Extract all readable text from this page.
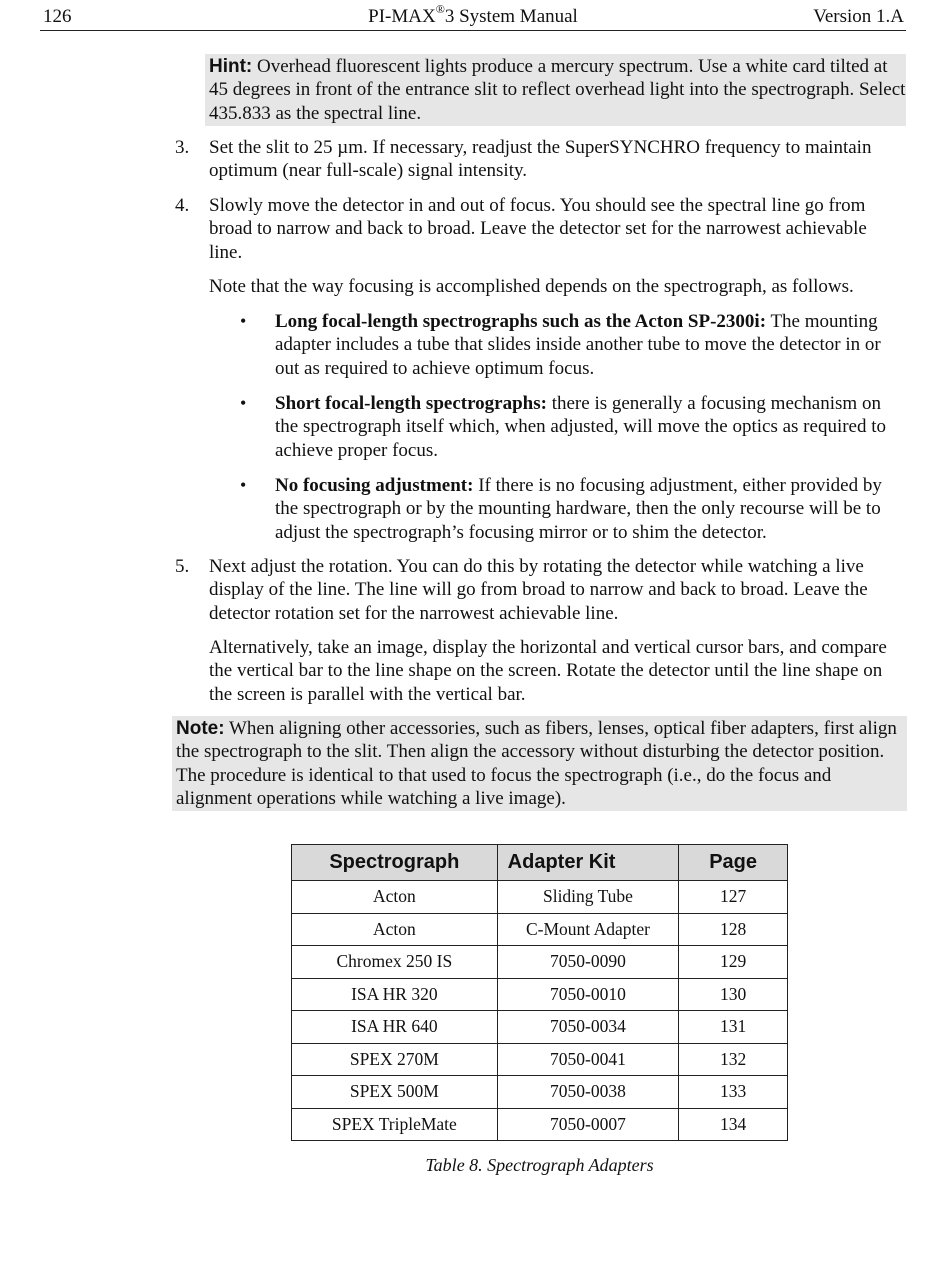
126	PI-MAX®3 System Manual	Version 1.A
Hint: Overhead fluorescent lights produce a mercury spectrum. Use a white card tilted at 45 degrees in front of the entrance slit to reflect overhead light into the spectrograph. Select 435.833 as the spectral line.
3. Set the slit to 25 µm. If necessary, readjust the SuperSYNCHRO frequency to maintain optimum (near full-scale) signal intensity.
4. Slowly move the detector in and out of focus. You should see the spectral line go from broad to narrow and back to broad. Leave the detector set for the narrowest achievable line.
Note that the way focusing is accomplished depends on the spectrograph, as follows.
• Long focal-length spectrographs such as the Acton SP-2300i: The mounting adapter includes a tube that slides inside another tube to move the detector in or out as required to achieve optimum focus.
• Short focal-length spectrographs: there is generally a focusing mechanism on the spectrograph itself which, when adjusted, will move the optics as required to achieve proper focus.
• No focusing adjustment: If there is no focusing adjustment, either provided by the spectrograph or by the mounting hardware, then the only recourse will be to adjust the spectrograph’s focusing mirror or to shim the detector.
5. Next adjust the rotation. You can do this by rotating the detector while watching a live display of the line. The line will go from broad to narrow and back to broad. Leave the detector rotation set for the narrowest achievable line.
Alternatively, take an image, display the horizontal and vertical cursor bars, and compare the vertical bar to the line shape on the screen. Rotate the detector until the line shape on the screen is parallel with the vertical bar.
Note: When aligning other accessories, such as fibers, lenses, optical fiber adapters, first align the spectrograph to the slit. Then align the accessory without disturbing the detector position. The procedure is identical to that used to focus the spectrograph (i.e., do the focus and alignment operations while watching a live image).
Spectrograph	Adapter Kit	Page
Acton	Sliding Tube	127
Acton	C-Mount Adapter	128
Chromex 250 IS	7050-0090	129
ISA HR 320	7050-0010	130
ISA HR 640	7050-0034	131
SPEX 270M	7050-0041	132
SPEX 500M	7050-0038	133
SPEX TripleMate	7050-0007	134
Table 8. Spectrograph Adapters
